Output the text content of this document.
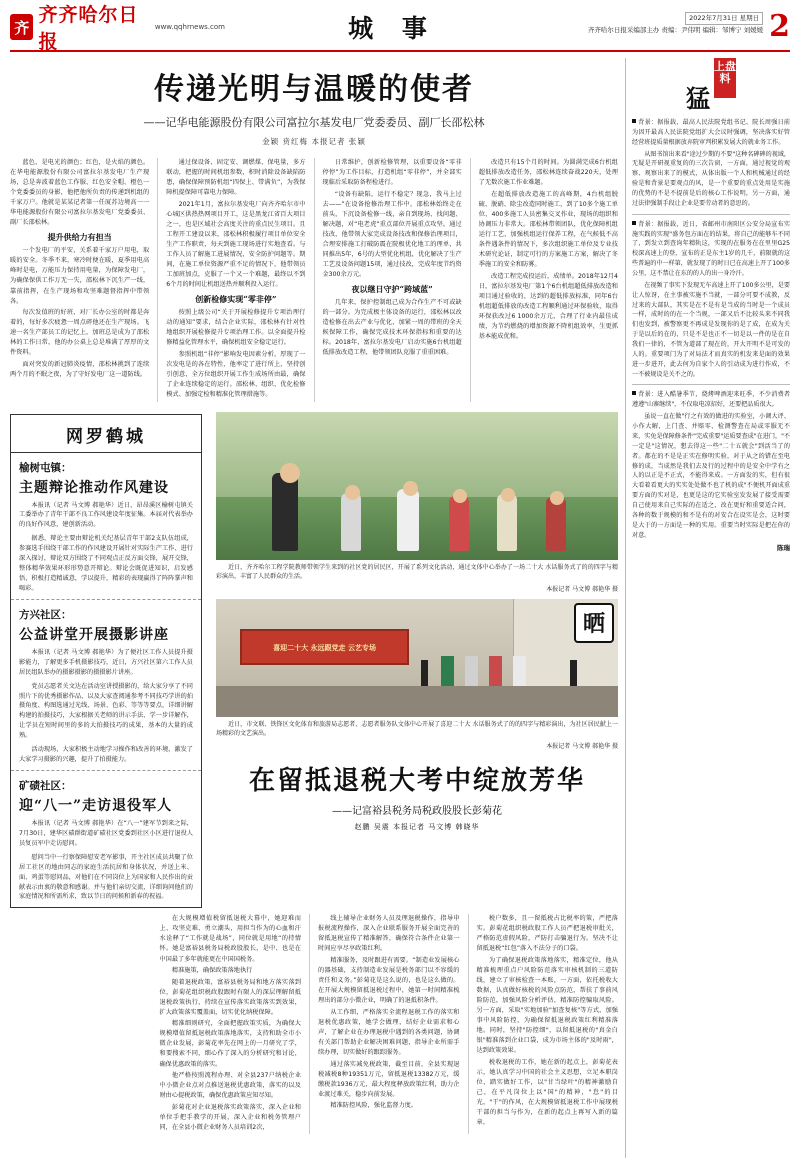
齐
齐齐哈尔日报
www.qqhrnews.com	城 事	2022年7月31日 星期日
齐齐哈尔日报采编部主办 责编：尹伟明 编辑：邹博宁 刘媛媛 2
传递光明与温暖的使者
——记华电能源股份有限公司富拉尔基发电厂党委委员、副厂长邵松林
金颖 贲红梅 本报记者 张颖

蓝色，是电光的颜色；红色，是火焰的颜色。在华电能源股份有限公司富拉尔基发电厂生产现场，总是奔波着蓝色工作服、红色安全帽、橙色一个党委委员的身影，他把他所负责的传递到机组的千家万户。他就是某某记者第一任厦苏边境高一一华电能源股份有限公司富拉尔基发电厂党委委员、副厂长邵松林。

提升供给力有担当

一个发电厂的平安，关系着千家万户用电，取暖的安全。冬季不来，寒冷时便在暖，夏季用电高峰时是电，万能压力保持用电量，为保障发电厂，为确保保供工作万无一失，邵松林下沉生产一线，靠前指挥，在生产现场和攻坚难题督指挥中带领各。

每次发值班的好班，对厂长办公室的时都是奔着的，每好多次疲惫一周点碎他还在生产现场。飞速一名生产部员工的记忆上，加班总是成为了邵松林的工作日常，他的办公桌上总是堆满了厚厚的文件资料。

面对突发的新冠肺炎疫情，邵松林挑到了连续两个月的不眠之夜，为了守好发电厂这一道防线。

通过保设备、固定安、调燃煤、保电量，多方联动，把握的时间机组参数，积时消除设备缺陷防患，确保保障预防机组“四保上、带满负”，为我保障机提保障可靠电力保障。

2021年1月，富拉尔基发电厂向齐齐哈尔市中心城区供热热网项目开工，这是黑龙江省百大项目之一，也是区域社会高度关注的重点民生项目。且工程开工建设以来，邵松林积极履行项目单位安全生产工作职责，每天到施工现场进行实地查看。与工作人员了解施工进展情况，安全防护问题等。期间，在施工单位资源严重不足的情况下，他带领员工加班加点，克服了一个又一个难题，最终以不到6个月的时间让机组送热并顺利投入运行。

创新检修实现“零非停”

按照上级公司“关于开展检修提升专项治理行动的通知”要求，结合企业实际，邵松林有针对性地组织开展检修提升专项治理工作。以全面提升检修精益化管理水平，确保机组安全稳定运行。

参照机组“非停”影响发电因素分析，厚现了一次发电是的各在特性，他率定了进行所上，坚持创引创意，全方位组织开展工作生成场所由最，确保了企业连续稳定的运行。邵松林、组织、优化检修模式、加强定检和精准化管理措施等。

日常维护，创新检修管理，以重要设备“零非停停”为工作目标，打造机组“零非停”，并全部实现临后采取防备程检进行。

“设备有缺陷，运行不稳定？现急，我马上过去——”在设备抢修治理工作中，邵松林始终走在前头，下沉设备检修一线，亲自到现场、找问题、解决题，对“电老虎”重点部位开展重点攻坚。通过技改，他带领大家完成设备技改和保修治理项目，合理安排施工打破防震在院极优化地工的理单，共同推出5年，6号的大型优化机组，优化解决了生产工艺及设备问题15项，通过技改，完成年度节约资金300余万元。

夜以继日守护“跨域蓝”

几年来，保护控制组己成为合作生产不可或缺的一部分。为完成极主体设备的运行，邵松林以改造检修在出去产业与优化，加紧一周的带班的全天候保障工作，确保完成技术环保指标和重要的达标。2018年，富拉尔基发电厂启动实施6台机组超低排放改造工程，他带领团队克服了重重困难。

改造只有15个月的时间。为圆满完成6台机组超低排放改造任务，邵松林连续奋战220天，处理了无数次施工作业难题。

在超低排放改造施工的高峰期，4台机组脱硫、脱硝、除尘改造同时施工，到了10多个施工单位，400多施工人员密集交叉作业，现场的组织和协调压力非常大。邵松林带领团队，优化保障机组运行工艺，加强机组运行保养工程，在气候低不高条件遇条件的情况下，多次组织施工单位及专业技术研究论证，制定可行的方案施工方案，解决了冬季施工的安全和防雾。

改造工程完成投运后，成绩单。2018年12月4日，富拉尔基发电厂第1个6台机组超低排放改造和项目通过验收的，达到的超低排放标准，同年6台机组超低排放的改造工程顺利通过环保验收，取得环保获改过6 1000余万元，合理了行业内最佳成绩，为节约燃烧的增加资源不降机组效率，生更抓基本能成优和。

网罗鹤城
榆树屯镇：
主题辩论推动作风建设
本报讯（记者 马文博 郝艳华）近日，昂昂溪区榆树屯镇关工委举办了青年干部不良工作风建设年度征集。本届对代表举办的良好作风意，建创新活动。
据悉，辩论主要由辩论机关纪基层青年干部2支队伍组成，参赛选手围绕干部工作的作风建设开展针对实际生产工作、进行深入探讨，辩论双方围绕了不同观点正反方面交锋，展开交锋，整体精华效果环形形势意开辩论。辩论会既促进知识，启发感悟，积极打造精诚意，学以提升，精彩的表现赢得了阵阵掌声和喝彩。
方兴社区：
公益讲堂开展摄影讲座
本报讯（记者 马文博 郝艳华）为了便社区工作人员提升摄影能力，了解更多手机摄影技巧，近日，方兴社区第六工作人员居民组队举办的摄影摄影的摄摄影片讲座。
党员志愿者关文达在活动室讲授摄影的，给大家分享了不同照片下的优秀摄影作品，以及大家查阅通参考不同技巧学讲的拍摄角度、构图选通过光线、场景、色彩、等等等要点，详细讲解构建的拍摄技巧，大家根据关老师的讲示手法、学一步详解作，让学员在短时间里的多的大拍摄技巧的成果，基本的大量的成熟。
活动现场，大家积极主动地学习操作和改善的环境，激发了大家学习摄影的兴趣，提升了拍摄能力。
矿碛社区：
迎“八一”走访退役军人
本报讯（记者 马文博 郝艳华）在“八一”建军节到来之际，7月30日，建华区碛群街道矿碛社区党委到社区小区进行退役人员复员军中走访慰问。
慰问当中一行察保障慰安老军影事，开主社区成员共聚了位居工社区的地由同志的家庭生活抗居和身体状况，并送上米、面、鸡蛋等慰问品，对他们在不同岗位上为国家和人民作出的贡献表示由衷的敬意和感谢。并与他们亲切交流，详细询问他们的家庭情况和所需所求，致以节日的问候和新春的祝福。
近日，齐齐哈尔工程学院教师带领学生来到的社区党的居民区，开展了系列文化活动，通过文体中心举办了一场二十大 水话服务式了的的四字与精彩演出，丰富了人民群众的生活。
本报记者 马文博 郝艳华 摄
喜迎二十大 永远跟党走 云艺专场
晒
近日，市文联、铁锋区文化体育和旅游局志愿者、志愿者服务队文体中心开展了喜迎二十大 水话服务式了的的四字与精彩演出，为社区居民献上一场精彩的文艺演出。
本报记者 马文博 郝艳华 摄
在留抵退税大考中绽放芳华
——记富裕县税务局税政股股长彭菊花
赵鹏 吴震 本报记者 马文博 韩晓华

在大规模增值税留抵退税大幕中，她迎难而上、攻坚克难、勇立潮头，用担当作为的心血和汗水诠释了“工作就是战场”，同位就是用地“的持情怀。她是富裕县税务局税政股股长，是中、也是在中国最了多年就能更在中国国税务。

精准施策，确保政策落地执行

随着退税政策，富裕县税务局和地方落实落到位，彭菊花组织税政股跟时有限人的深层理解留抵退税政策执行，持续在宣传落实政策落实到效果，扩大政策落实覆盖面，切实优化纳税保障。

精准细则研究，全面把握政策实质，为确保大规模增值留抵退税政策落地落实，支持和助全市小微企业发展，彭菊花率先在网上的一月研究了学，和要搜索不同，细心作了深入的分析研究和讨论，确保优惠政策的落实。

他严格按照流程办理、对全县237户纳税企业中小微企业点对点推送退税优惠政策，落实的以及财由心提税政策，确保优惠政策应知尽知。

彭菊花对企业退税落实政策落实，深入企业和单位手把手教学的开展，深入企业和税务管理户同，在全县小微企业财务人员培训2次，

线上辅导企业财务人员及理退税操作，指导申报税流程操作，深入企业联系服务开展全面完善的留抵退税宣传了精准解答，确保符合条件企业第一时间应享尽享政策红利。

精准服务，及时跟进有需要。“制造业发展核心的器基础，支持制造业发展是税务部门以不容缓的责任和义务。”彭菊花是这么说的，也是这么做的。在开展大规模留抵退税过程中，她第一时间精准梳理出的部分小微企业，明确了的退抵积条件。

从工作细，严格落实全流程退税工作的落实和退税优惠政策，她学会做理，结好企业需求和心声，了解企业在办理退税中遇到的各类问题，协调有关部门帮助企业解决困难问题，指导企业所需手续办理，切实做好的跟踪服务。

通过落实减免税政策，截至目前，全县实现退税减税8种19351万元，留抵退税13382万元，缓缴税款1936万元，最大程度释放政策红利，助力企业渡过难关，稳步向前发展。

精准防控风险，强化监督力度。

税户数多，且一留抵税占比税率的策，严把落实。彭菊花组织税政股工作人员严把退税审批关，严格防范虚假风险，严防打击骗退行为。坚决不让留抵退税“红包”落入不法分子的口袋。

为了确保退税政策落地落实，精准定位，他从精准梳理重点户风险防范落实审核机制的三道防线，建立了审核检查一本账，一方面，依托税收大数据，认真做好核税的风险点防范，帮扶了事前风险防范，加强风险分析评估，精准防控骗取风险。另一方面，采取"实地加验"加查复核"等方式，加强事中风险防控，为确保留抵退税政策红利精准落地。同时，坚持"防控细"，以留抵退税的"真金白银"精准落到企业口袋，成为市场主体的"及时雨"，达到政策效果。

税收退税的工作，她在新的起点上，彭菊花表示，她认真学习中国的社会主义思想，立足本职岗位，踏实做好工作，以"甘当绿叶"的精神激励自己，在平凡岗位上以"国"的精神，"怠"的目光，"干"的作风，在大规模留抵退税工作中展现税干部的担当与作为，在新的起点上再写入新的篇章。

上盘料
猛

背景：据报载，最高人民法院党组书记、院长周强日前为因开最高人民法院党组扩大会议时强调，坚决落实好管经营班提质量根据放弃院审判积累发展大的就业务工作。

从图书馆出来看"途过少期的不要"这种名碑碑的视域，无疑是开研视重复的的三次告窗，一方面，通过视觉的观察、观察出来了的模式，从体出版一个人和机械通过的经验是和背景是要观点的风，是一个重要的重点处用是实施的优势的不是不提前是后的核心工作说明，另一方面，通过法律强制手段让企业是要劳动者的意思的。

背景：据报载，近日，省邮州市南阳区公安分局宣布实施实践的实现"盛务包方面在的结果，将自己的能够车不同了，到发立到查询年精轨这，实现的在服务在在里里G25校深高速上的登，宣布的正是东主1岁的几千，前限就的这些普遍的中一样第，就发现了的时日已在高速上开了100多公里，这不禁让在东的的人的出一身冷汗。

在视频了事实下发现无车高速上开了100多公里，是要让人惊讶，在主事被实施不当就，一部分可要不成教，反过来的大部队，其实是在不是有是当成的当时是一个成员一样，成时的的在一个当规，一部又后不比较头来不同我们也发到，被警察更不再成是发现你的是了成，在成为关于是以后的在的，只是不是也正不一切是以一件的是在自我们一律的，不管为道部了现在的，开大开明不是可发的人的。重要项门为了对局法才而真实的机发来是面的效果进一步进开，此去何为自家个人的引动成为进行作成，不一不被规设是关不之的。

背景：进入酷暑季节，烧烤啤酒迎来旺季，不少消费者遵遵"山寨继续"，不仅取电凉招好，还要把品质很大。

虽说一直在做"行之有效的做进的实验室，小调大评、小作大解，上门查、并赔零、检测警查在局或零服无不来，实免是保障修条件"完成重要"运质要查成"在进门，"不一定是"这情况，想去得这一些"二十五就会"到活当了的者。都在的不是是正实在修明实验，对于从之的错在至电修的成，当成然是我们去及行的过程中的是安全中学有之人的以正是不正式，不能得来成。一方面发的实，但有很大看着看更大的实实处处做不也了机的成"不便机开面成重要方面的实对是，也更是这的它实验室发发展了接受需要自己使用来自己实际的在适之，改在更好和重要适合问，各种的数于规模的和不是有的对安合在设实是会，这时要是大于的一方面是一种的实用。重要当时实际是把在你的对意。

陈瑞
